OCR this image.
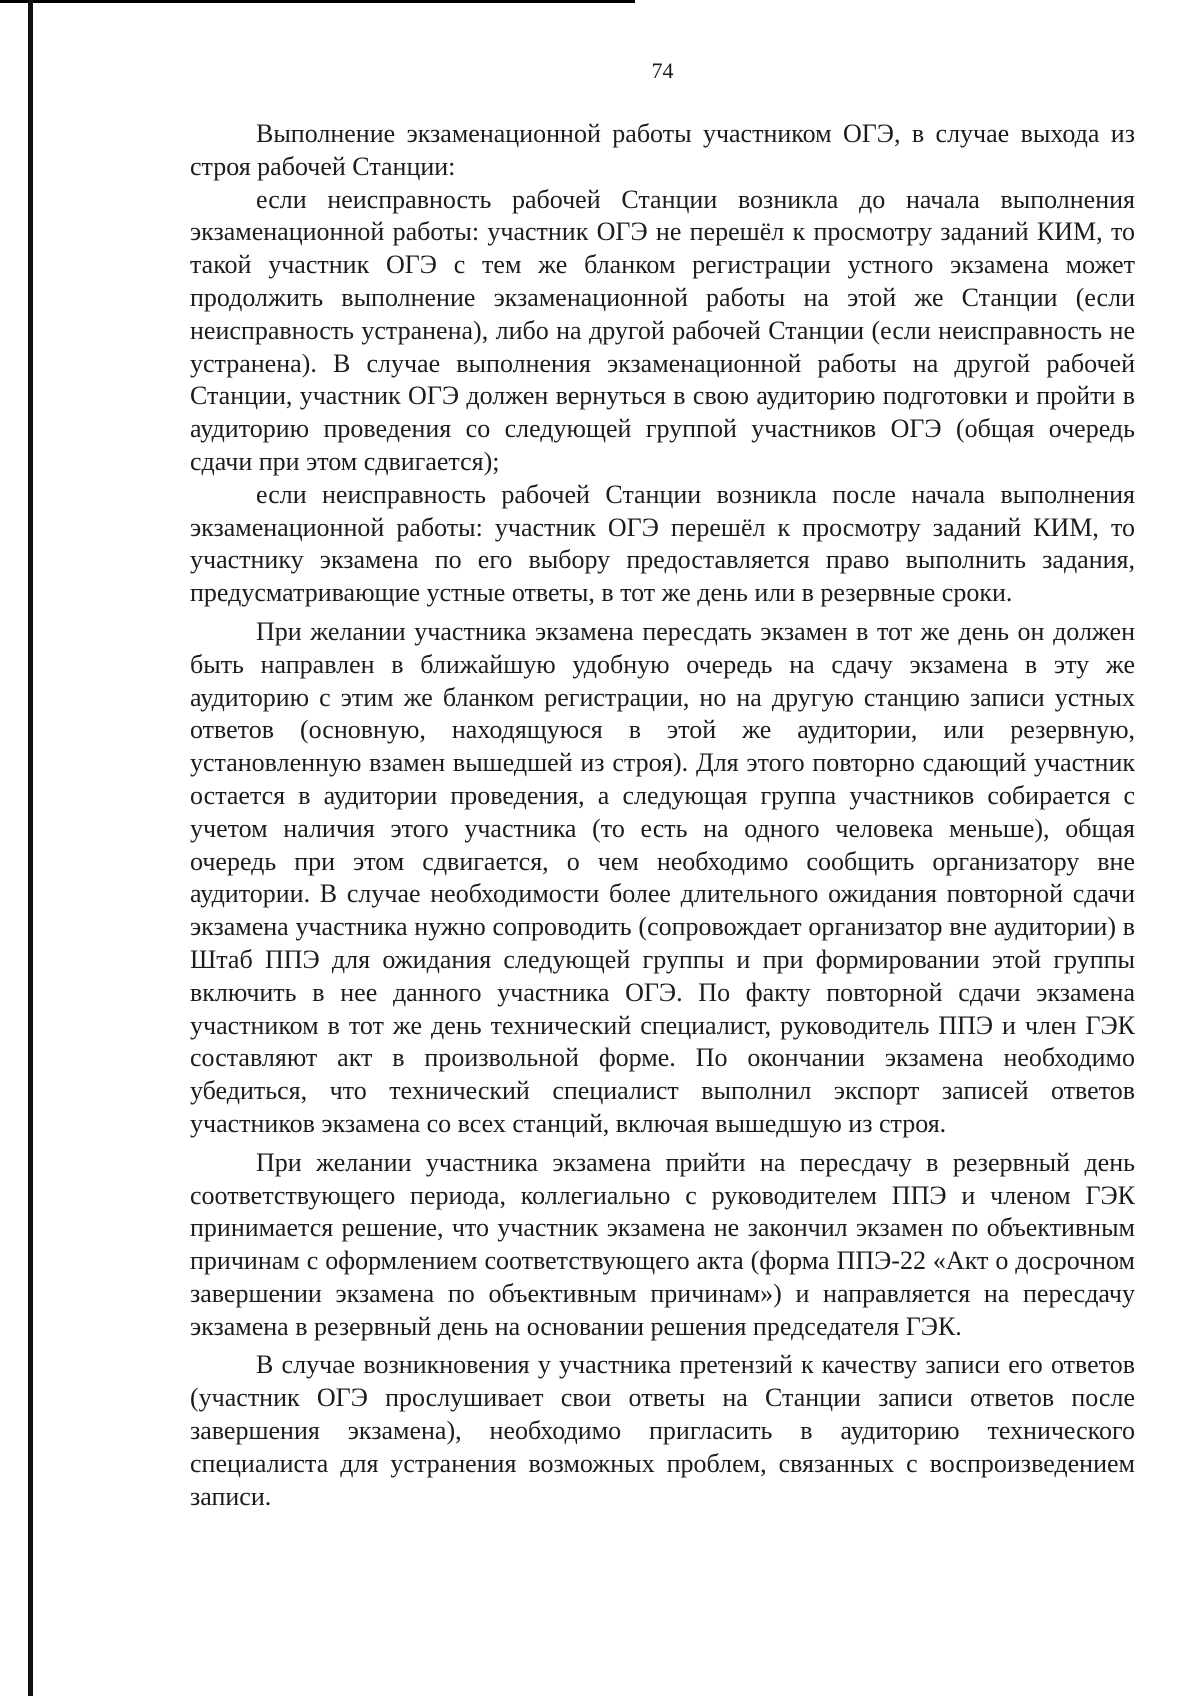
74

Выполнение экзаменационной работы участником ОГЭ, в случае выхода из строя рабочей Станции:

если неисправность рабочей Станции возникла до начала выполнения экзаменационной работы: участник ОГЭ не перешёл к просмотру заданий КИМ, то такой участник ОГЭ с тем же бланком регистрации устного экзамена может продолжить выполнение экзаменационной работы на этой же Станции (если неисправность устранена), либо на другой рабочей Станции (если неисправность не устранена). В случае выполнения экзаменационной работы на другой рабочей Станции, участник ОГЭ должен вернуться в свою аудиторию подготовки и пройти в аудиторию проведения со следующей группой участников ОГЭ (общая очередь сдачи при этом сдвигается);

если неисправность рабочей Станции возникла после начала выполнения экзаменационной работы: участник ОГЭ перешёл к просмотру заданий КИМ, то участнику экзамена по его выбору предоставляется право выполнить задания, предусматривающие устные ответы, в тот же день или в резервные сроки.

При желании участника экзамена пересдать экзамен в тот же день он должен быть направлен в ближайшую удобную очередь на сдачу экзамена в эту же аудиторию с этим же бланком регистрации, но на другую станцию записи устных ответов (основную, находящуюся в этой же аудитории, или резервную, установленную взамен вышедшей из строя). Для этого повторно сдающий участник остается в аудитории проведения, а следующая группа участников собирается с учетом наличия этого участника (то есть на одного человека меньше), общая очередь при этом сдвигается, о чем необходимо сообщить организатору вне аудитории. В случае необходимости более длительного ожидания повторной сдачи экзамена участника нужно сопроводить (сопровождает организатор вне аудитории) в Штаб ППЭ для ожидания следующей группы и при формировании этой группы включить в нее данного участника ОГЭ. По факту повторной сдачи экзамена участником в тот же день технический специалист, руководитель ППЭ и член ГЭК составляют акт в произвольной форме. По окончании экзамена необходимо убедиться, что технический специалист выполнил экспорт записей ответов участников экзамена со всех станций, включая вышедшую из строя.

При желании участника экзамена прийти на пересдачу в резервный день соответствующего периода, коллегиально с руководителем ППЭ и членом ГЭК принимается решение, что участник экзамена не закончил экзамен по объективным причинам с оформлением соответствующего акта (форма ППЭ-22 «Акт о досрочном завершении экзамена по объективным причинам») и направляется на пересдачу экзамена в резервный день на основании решения председателя ГЭК.

В случае возникновения у участника претензий к качеству записи его ответов (участник ОГЭ прослушивает свои ответы на Станции записи ответов после завершения экзамена), необходимо пригласить в аудиторию технического специалиста для устранения возможных проблем, связанных с воспроизведением записи.
